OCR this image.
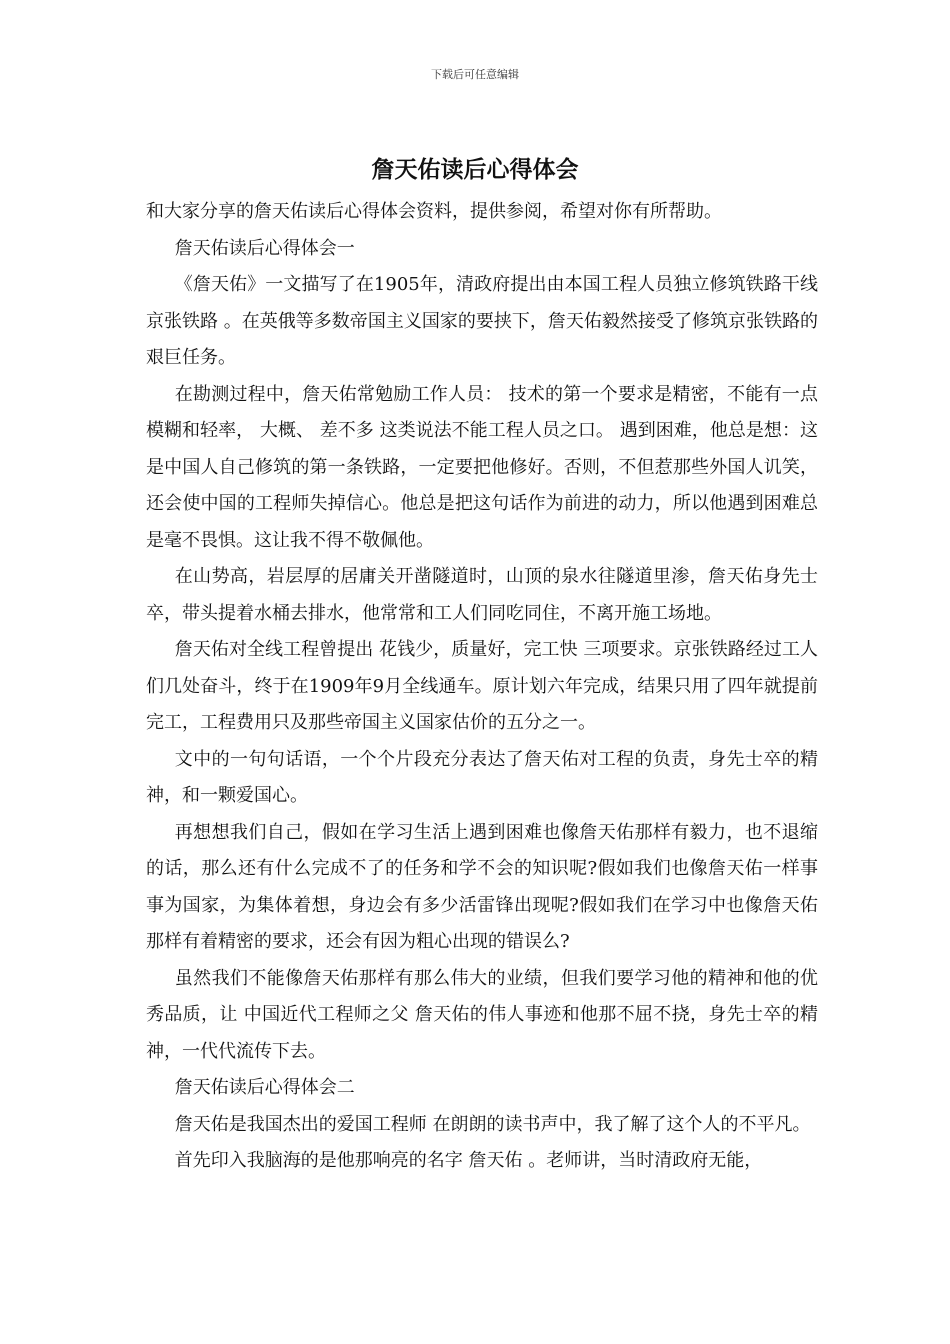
下载后可任意编辑
詹天佑读后心得体会

和大家分享的詹天佑读后心得体会资料，提供参阅，希望对你有所帮助。

詹天佑读后心得体会一

《詹天佑》一文描写了在1905年，清政府提出由本国工程人员独立修筑铁路干线 京张铁路 。在英俄等多数帝国主义国家的要挟下，詹天佑毅然接受了修筑京张铁路的艰巨任务。

在勘测过程中，詹天佑常勉励工作人员： 技术的第一个要求是精密，不能有一点模糊和轻率， 大概、 差不多 这类说法不能工程人员之口。 遇到困难，他总是想：这是中国人自己修筑的第一条铁路，一定要把他修好。否则，不但惹那些外国人讥笑，还会使中国的工程师失掉信心。他总是把这句话作为前进的动力，所以他遇到困难总是毫不畏惧。这让我不得不敬佩他。

在山势高，岩层厚的居庸关开凿隧道时，山顶的泉水往隧道里渗，詹天佑身先士卒，带头提着水桶去排水，他常常和工人们同吃同住，不离开施工场地。

詹天佑对全线工程曾提出 花钱少，质量好，完工快 三项要求。京张铁路经过工人们几处奋斗，终于在1909年9月全线通车。原计划六年完成，结果只用了四年就提前完工，工程费用只及那些帝国主义国家估价的五分之一。

文中的一句句话语，一个个片段充分表达了詹天佑对工程的负责，身先士卒的精神，和一颗爱国心。

再想想我们自己，假如在学习生活上遇到困难也像詹天佑那样有毅力，也不退缩的话，那么还有什么完成不了的任务和学不会的知识呢?假如我们也像詹天佑一样事事为国家，为集体着想，身边会有多少活雷锋出现呢?假如我们在学习中也像詹天佑那样有着精密的要求，还会有因为粗心出现的错误么?

虽然我们不能像詹天佑那样有那么伟大的业绩，但我们要学习他的精神和他的优秀品质，让 中国近代工程师之父 詹天佑的伟人事迹和他那不屈不挠，身先士卒的精神，一代代流传下去。

詹天佑读后心得体会二

詹天佑是我国杰出的爱国工程师 在朗朗的读书声中，我了解了这个人的不平凡。

首先印入我脑海的是他那响亮的名字 詹天佑 。老师讲，当时清政府无能，
